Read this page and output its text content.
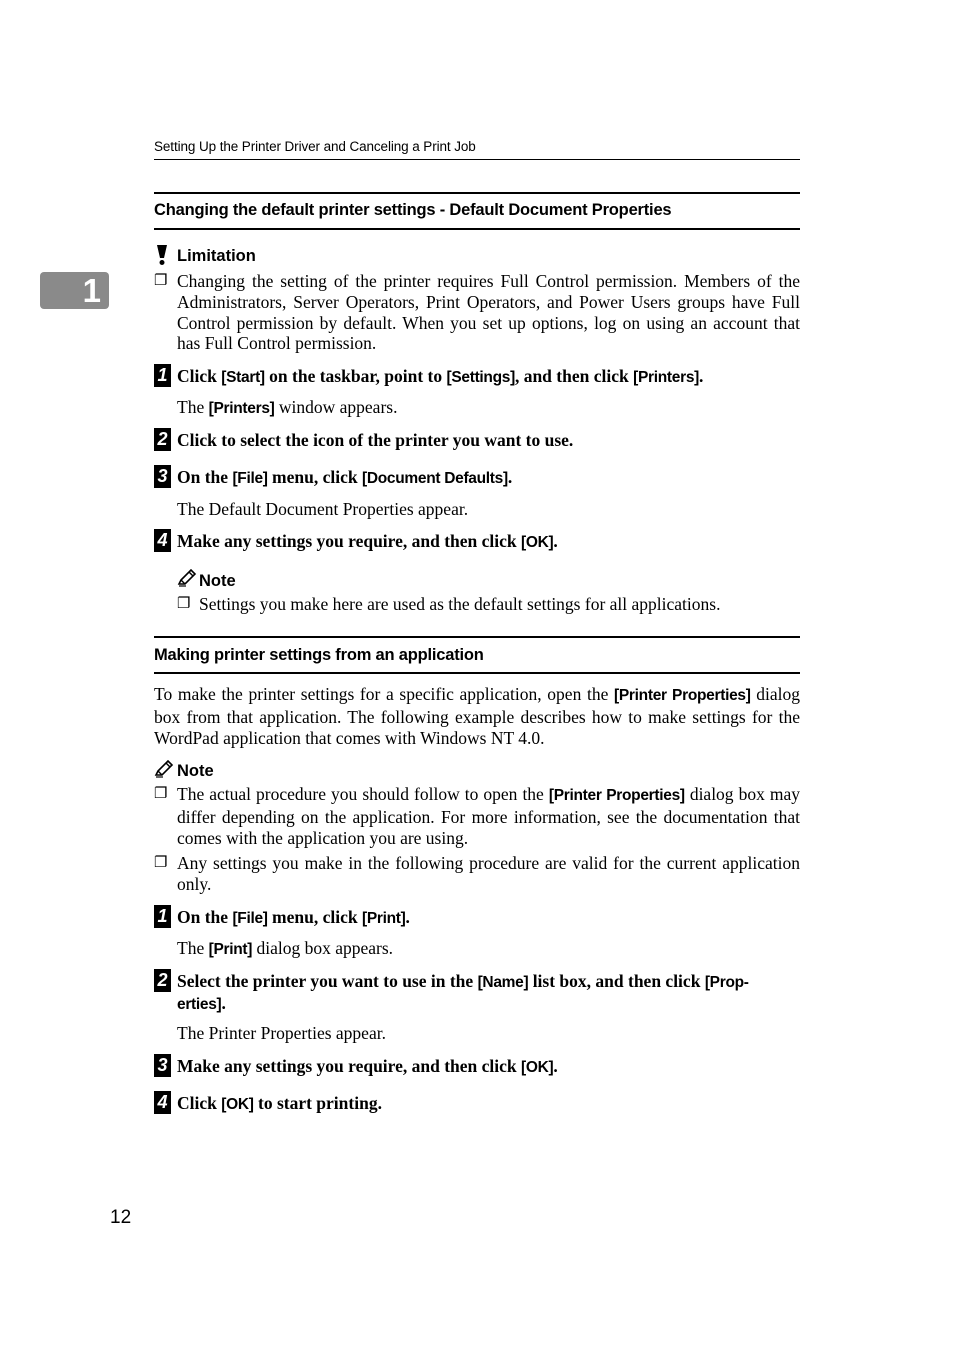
Setting Up the Printer Driver and Canceling a Print Job
1
Changing the default printer settings - Default Document Properties
Limitation
❐ Changing the setting of the printer requires Full Control permission. Members of the Administrators, Server Operators, Print Operators, and Power Users groups have Full Control permission by default. When you set up options, log on using an account that has Full Control permission.
1 Click [Start] on the taskbar, point to [Settings], and then click [Printers].
The [Printers] window appears.
2 Click to select the icon of the printer you want to use.
3 On the [File] menu, click [Document Defaults].
The Default Document Properties appear.
4 Make any settings you require, and then click [OK].
Note
❐ Settings you make here are used as the default settings for all applications.
Making printer settings from an application
To make the printer settings for a specific application, open the [Printer Properties] dialog box from that application. The following example describes how to make settings for the WordPad application that comes with Windows NT 4.0.
Note
❐ The actual procedure you should follow to open the [Printer Properties] dialog box may differ depending on the application. For more information, see the documentation that comes with the application you are using.
❐ Any settings you make in the following procedure are valid for the current application only.
1 On the [File] menu, click [Print].
The [Print] dialog box appears.
2 Select the printer you want to use in the [Name] list box, and then click [Prop-
erties].
The Printer Properties appear.
3 Make any settings you require, and then click [OK].
4 Click [OK] to start printing.
12
